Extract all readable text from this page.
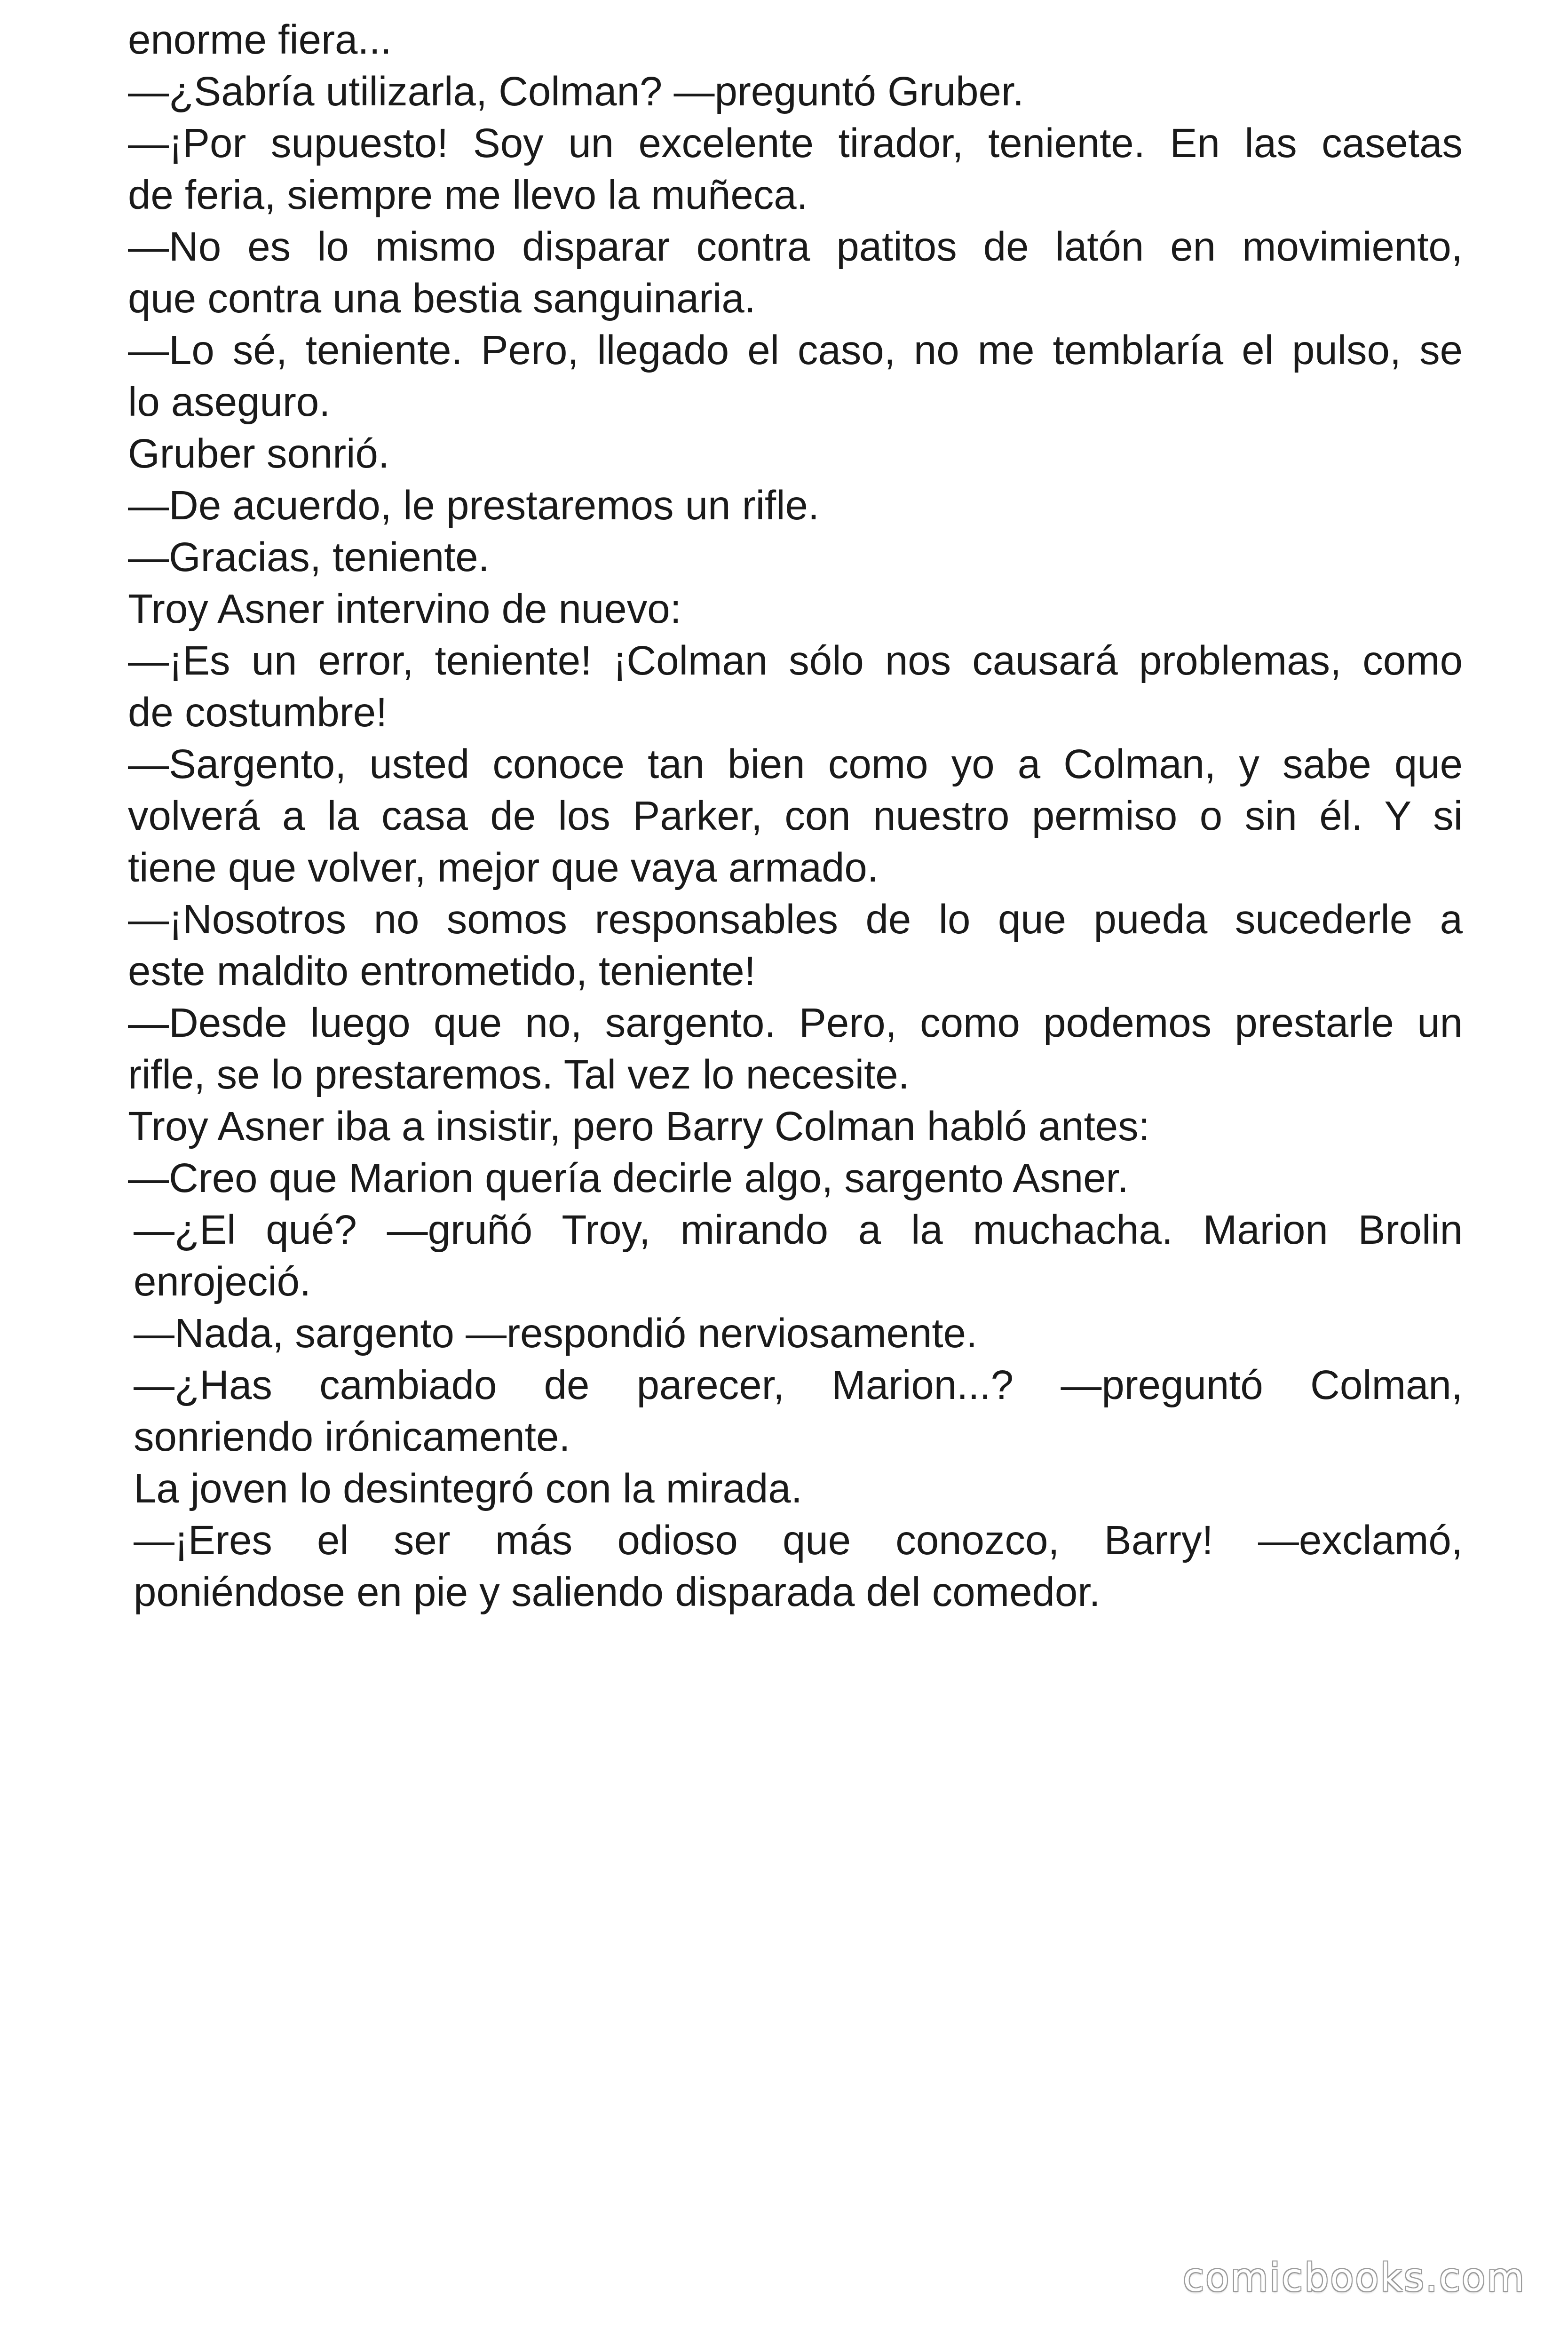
enorme fiera...

—¿Sabría utilizarla, Colman? —preguntó Gruber.

—¡Por supuesto! Soy un excelente tirador, teniente. En las casetas

de feria, siempre me llevo la muñeca.

—No es lo mismo disparar contra patitos de latón en movimiento,

que contra una bestia sanguinaria.

—Lo sé, teniente. Pero, llegado el caso, no me temblaría el pulso, se

lo aseguro.

Gruber sonrió.

—De acuerdo, le prestaremos un rifle.

—Gracias, teniente.

Troy Asner intervino de nuevo:

—¡Es un error, teniente! ¡Colman sólo nos causará problemas, como

de costumbre!

—Sargento, usted conoce tan bien como yo a Colman, y sabe que

volverá a la casa de los Parker, con nuestro permiso o sin él. Y si

tiene que volver, mejor que vaya armado.

—¡Nosotros no somos responsables de lo que pueda sucederle a

este maldito entrometido, teniente!

—Desde luego que no, sargento. Pero, como podemos prestarle un

rifle, se lo prestaremos. Tal vez lo necesite.

Troy Asner iba a insistir, pero Barry Colman habló antes:

—Creo que Marion quería decirle algo, sargento Asner.

—¿El qué? —gruñó Troy, mirando a la muchacha. Marion Brolin

enrojeció.

—Nada, sargento —respondió nerviosamente.

—¿Has cambiado de parecer, Marion...? —preguntó Colman,

sonriendo irónicamente.

La joven lo desintegró con la mirada.

—¡Eres el ser más odioso que conozco, Barry! —exclamó,

poniéndose en pie y saliendo disparada del comedor.

comicbooks.com
